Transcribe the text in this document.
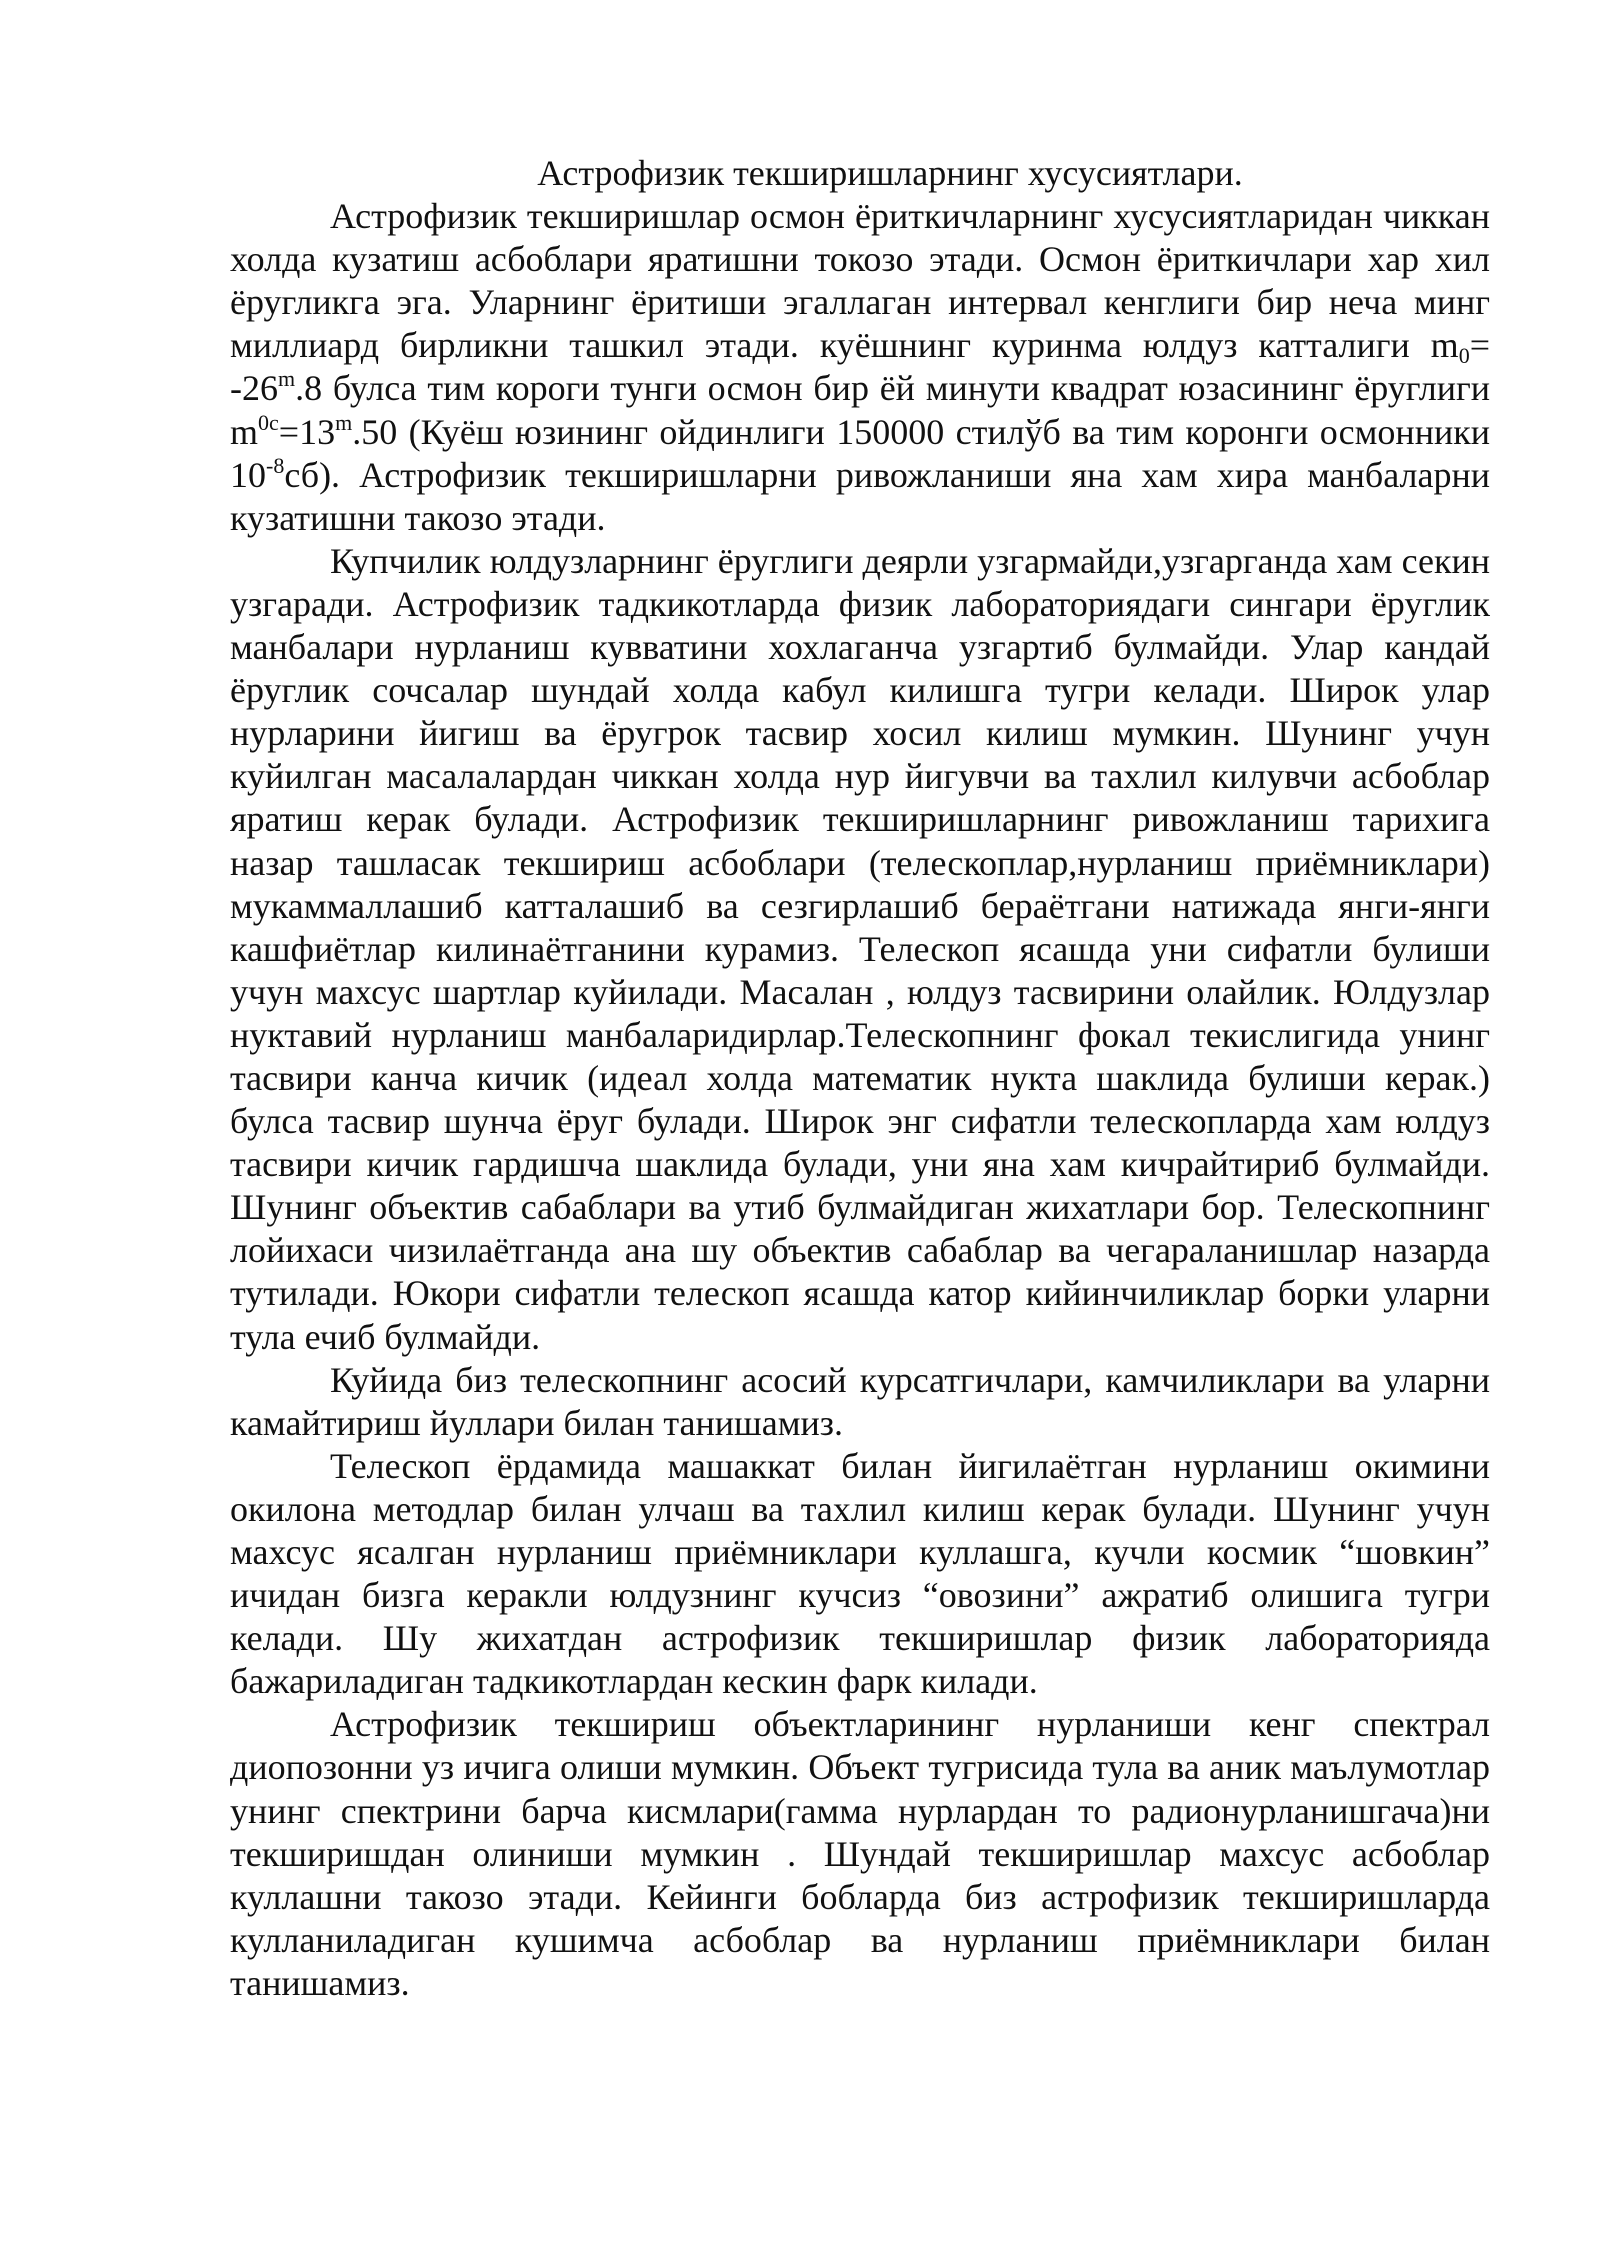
Астрофизик текширишларнинг хусусиятлари.

Астрофизик текширишлар осмон ёриткичларнинг хусусиятларидан чиккан холда кузатиш асбоблари яратишни токозо этади. Осмон ёриткичлари хар хил ёругликга эга. Уларнинг ёритиши эгаллаган интервал кенглиги бир неча минг миллиард бирликни ташкил этади. куёшнинг куринма юлдуз катталиги $m_0= -26^m.8$ булса тим короги тунги осмон бир ёй минути квадрат юзасининг ёруглиги $m^{0c}=13^m.50$ (Куёш юзининг ойдинлиги 150000 стилўб ва тим коронги осмонники $10^{-8}сб$). Астрофизик текширишларни ривожланиши яна хам хира манбаларни кузатишни такозо этади.

Купчилик юлдузларнинг ёруглиги деярли узгармайди,узгарганда хам секин узгаради. Астрофизик тадкикотларда физик лабораториядаги сингари ёруглик манбалари нурланиш кувватини хохлаганча узгартиб булмайди. Улар кандай ёруглик сочсалар шундай холда кабул килишга тугри келади. Широк улар нурларини йигиш ва ёругрок тасвир хосил килиш мумкин. Шунинг учун куйилган масалалардан чиккан холда нур йигувчи ва тахлил килувчи асбоблар яратиш керак булади. Астрофизик текширишларнинг ривожланиш тарихига назар ташласак текшириш асбоблари (телескоплар,нурланиш приёмниклари) мукаммаллашиб катталашиб ва сезгирлашиб бераётгани натижада янги-янги кашфиётлар килинаётганини курамиз. Телескоп ясашда уни сифатли булиши учун махсус шартлар куйилади. Масалан , юлдуз тасвирини олайлик. Юлдузлар нуктавий нурланиш манбаларидирлар.Телескопнинг фокал текислигида унинг тасвири канча кичик (идеал холда математик нукта шаклида булиши керак.) булса тасвир шунча ёруг булади. Широк энг сифатли телескопларда хам юлдуз тасвири кичик гардишча шаклида булади, уни яна хам кичрайтириб булмайди. Шунинг объектив сабаблари ва утиб булмайдиган жихатлари бор. Телескопнинг лойихаси чизилаётганда ана шу объектив сабаблар ва чегараланишлар назарда тутилади. Юкори сифатли телескоп ясашда катор кийинчиликлар борки уларни тула ечиб булмайди.

Куйида биз телескопнинг асосий курсатгичлари, камчиликлари ва уларни камайтириш йуллари билан танишамиз.

Телескоп ёрдамида машаккат билан йигилаётган нурланиш окимини окилона методлар билан улчаш ва тахлил килиш керак булади. Шунинг учун махсус ясалган нурланиш приёмниклари куллашга, кучли космик “шовкин” ичидан бизга керакли юлдузнинг кучсиз “овозини” ажратиб олишига тугри келади. Шу жихатдан астрофизик текширишлар физик лабораторияда бажариладиган тадкикотлардан кескин фарк килади.

Астрофизик текшириш объектларининг нурланиши кенг спектрал диопозонни уз ичига олиши мумкин. Объект тугрисида тула ва аник маълумотлар унинг спектрини барча кисмлари(гамма нурлардан то радионурланишгача)ни текширишдан олиниши мумкин . Шундай текширишлар махсус асбоблар куллашни такозо этади. Кейинги бобларда биз астрофизик текширишларда кулланиладиган кушимча асбоблар ва нурланиш приёмниклари билан танишамиз.
